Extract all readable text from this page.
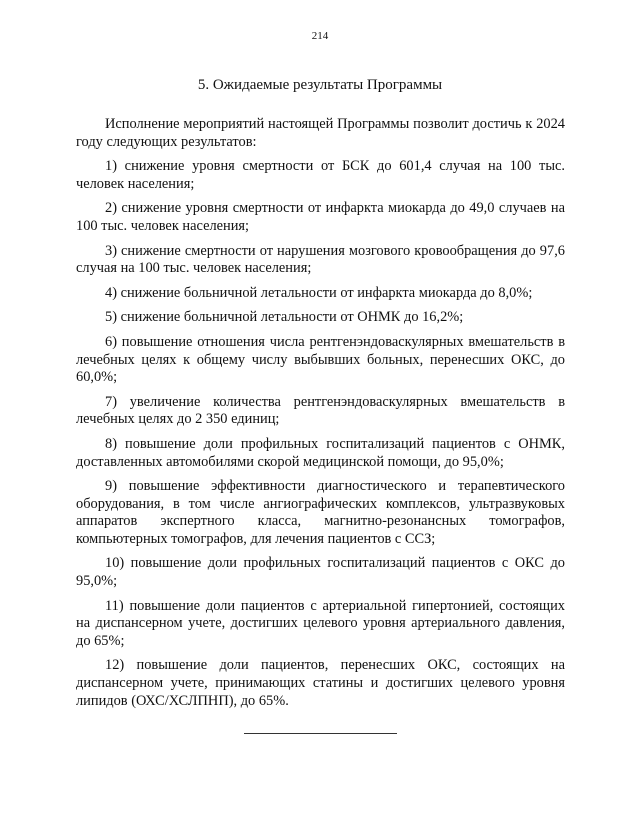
214
5. Ожидаемые результаты Программы

Исполнение мероприятий настоящей Программы позволит достичь к 2024 году следующих результатов:

1) снижение уровня смертности от БСК до 601,4 случая на 100 тыс. человек населения;

2) снижение уровня смертности от инфаркта миокарда до 49,0 случаев на 100 тыс. человек населения;

3) снижение смертности от нарушения мозгового кровообращения до 97,6 случая на 100 тыс. человек населения;

4) снижение больничной летальности от инфаркта миокарда до 8,0%;

5) снижение больничной летальности от ОНМК до 16,2%;

6) повышение отношения числа рентгенэндоваскулярных вмешательств в лечебных целях к общему числу выбывших больных, перенесших ОКС, до 60,0%;

7) увеличение количества рентгенэндоваскулярных вмешательств в лечебных целях до 2 350 единиц;

8) повышение доли профильных госпитализаций пациентов с ОНМК, доставленных автомобилями скорой медицинской помощи, до 95,0%;

9) повышение эффективности диагностического и терапевтического оборудования, в том числе ангиографических комплексов, ультразвуковых аппаратов экспертного класса, магнитно-резонансных томографов, компьютерных томографов, для лечения пациентов с ССЗ;

10) повышение доли профильных госпитализаций пациентов с ОКС до 95,0%;

11) повышение доли пациентов с артериальной гипертонией, состоящих на диспансерном учете, достигших целевого уровня артериального давления, до 65%;

12) повышение доли пациентов, перенесших ОКС, состоящих на диспансерном учете, принимающих статины и достигших целевого уровня липидов (ОХС/ХСЛПНП), до 65%.
